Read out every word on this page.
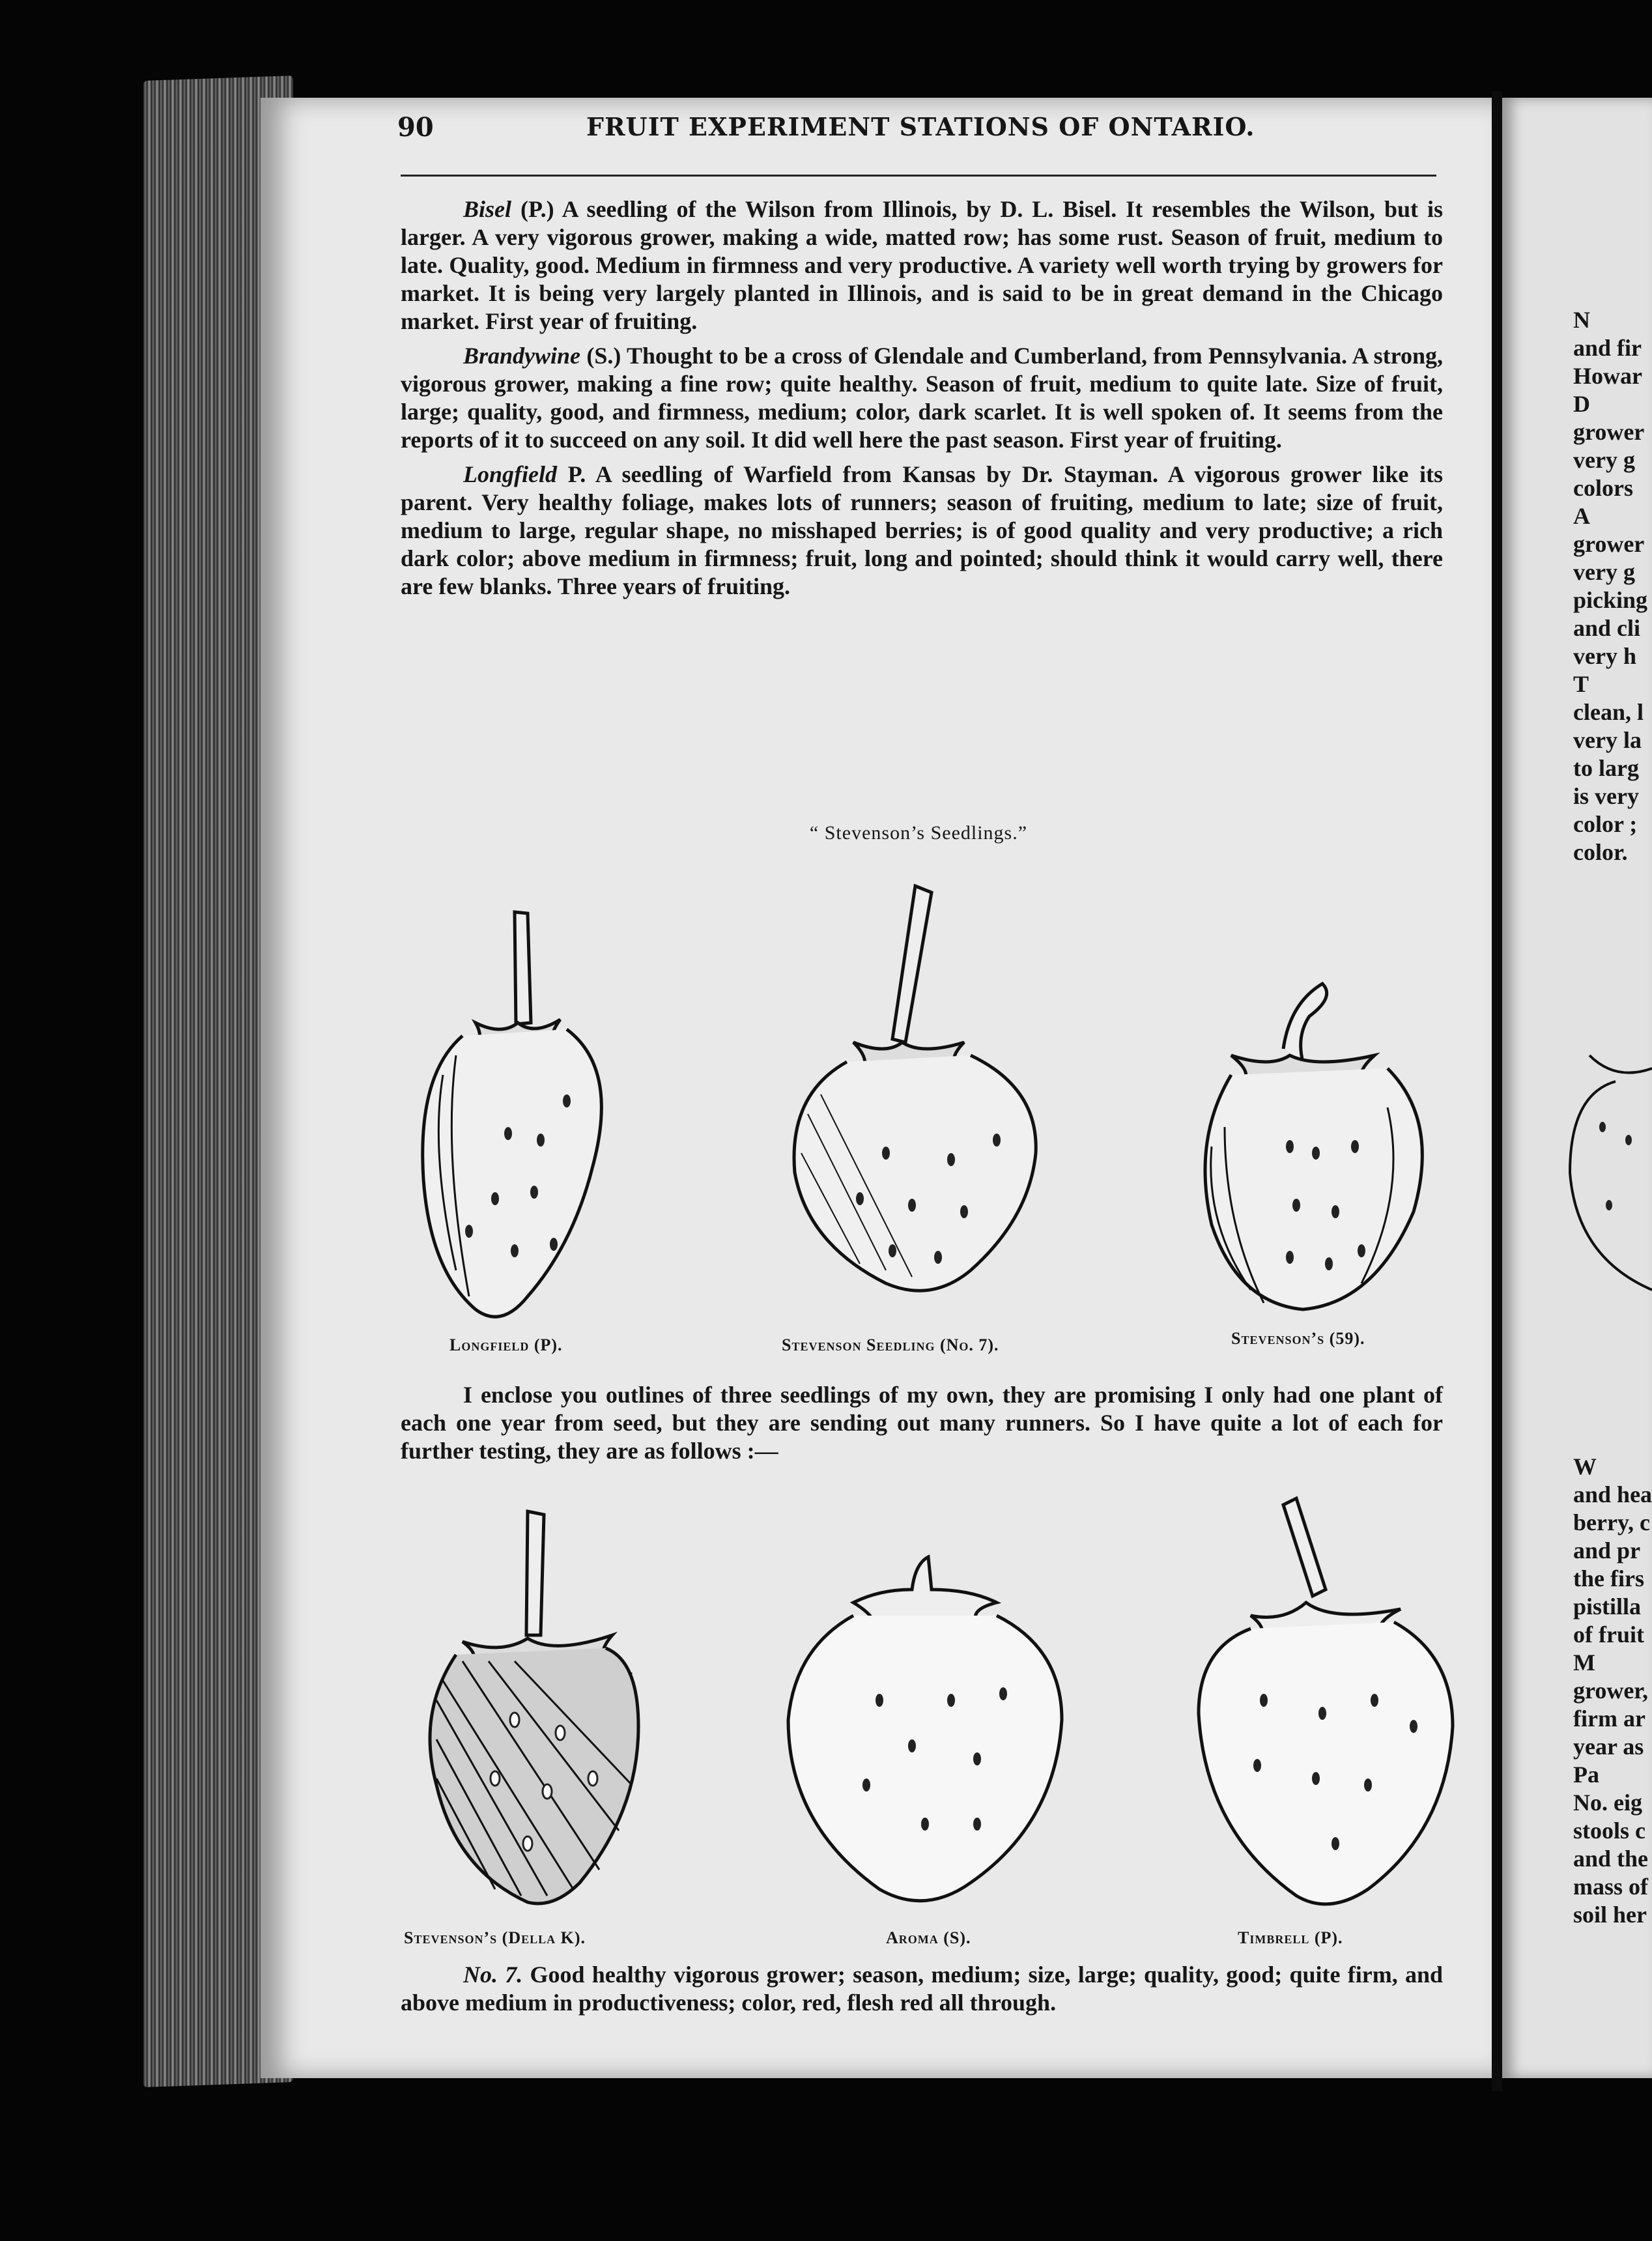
90	FRUIT EXPERIMENT STATIONS OF ONTARIO.

Bisel (P.) A seedling of the Wilson from Illinois, by D. L. Bisel. It resembles the Wilson, but is larger. A very vigorous grower, making a wide, matted row; has some rust. Season of fruit, medium to late. Quality, good. Medium in firmness and very productive. A variety well worth trying by growers for market. It is being very largely planted in Illinois, and is said to be in great demand in the Chicago market. First year of fruiting.

Brandywine (S.) Thought to be a cross of Glendale and Cumberland, from Pennsylvania. A strong, vigorous grower, making a fine row; quite healthy. Season of fruit, medium to quite late. Size of fruit, large; quality, good, and firmness, medium; color, dark scarlet. It is well spoken of. It seems from the reports of it to succeed on any soil. It did well here the past season. First year of fruiting.

Longfield P. A seedling of Warfield from Kansas by Dr. Stayman. A vigorous grower like its parent. Very healthy foliage, makes lots of runners; season of fruiting, medium to late; size of fruit, medium to large, regular shape, no misshaped berries; is of good quality and very productive; a rich dark color; above medium in firmness; fruit, long and pointed; should think it would carry well, there are few blanks. Three years of fruiting.

“ Stevenson’s Seedlings.”
Longfield (P).	Stevenson Seedling (No. 7).	Stevenson’s (59).

I enclose you outlines of three seedlings of my own, they are promising I only had one plant of each one year from seed, but they are sending out many runners. So I have quite a lot of each for further testing, they are as follows :—

Stevenson’s (Della K).	Aroma (S).	Timbrell (P).

No. 7. Good healthy vigorous grower; season, medium; size, large; quality, good; quite firm, and above medium in productiveness; color, red, flesh red all through.

N
and fir
Howar
D
grower
very g
colors
A
grower
very g
picking
and cli
very h
T
clean, l
very la
to larg
is very
color ;
color.
W
and hea
berry, c
and pr
the firs
pistilla
of fruit
M
grower,
firm ar
year as
Pa
No. eig
stools c
and the
mass of
soil her
